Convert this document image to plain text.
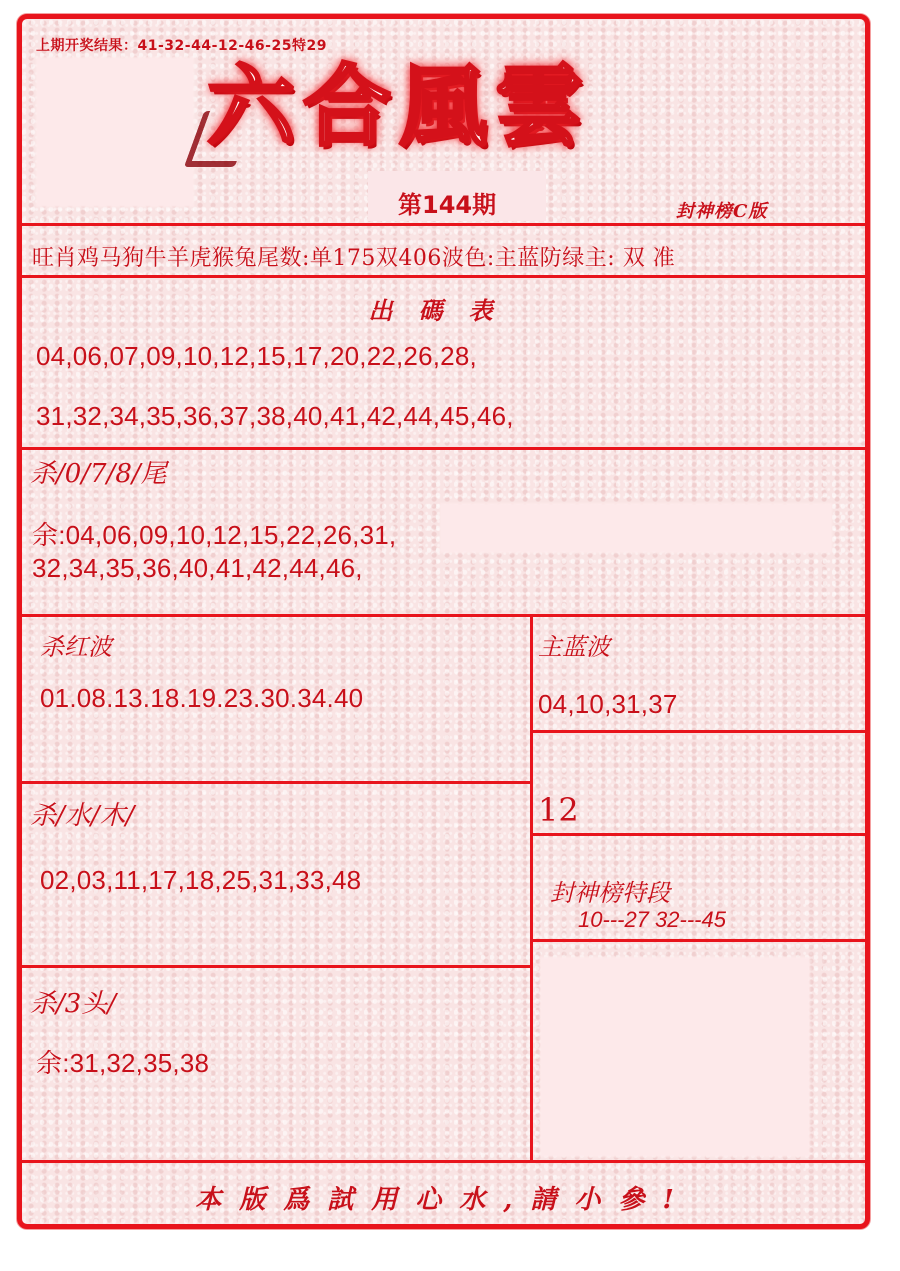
上期开奖结果：41-32-44-12-46-25特29
六合風雲
第144期	封神榜C版
旺肖鸡马狗牛羊虎猴兔尾数:单175双406波色:主蓝防绿主: 双 准
出碼表
04,06,07,09,10,12,15,17,20,22,26,28,
31,32,34,35,36,37,38,40,41,42,44,45,46,
杀/0/7/8/尾
余:04,06,09,10,12,15,22,26,31,
32,34,35,36,40,41,42,44,46,
杀红波
01.08.13.18.19.23.30.34.40
主蓝波
04,10,31,37
杀/水/木/
02,03,11,17,18,25,31,33,48
12
封神榜特段
10---27 32---45
杀/3头/
余:31,32,35,38
本版爲試用心水,請小參!
